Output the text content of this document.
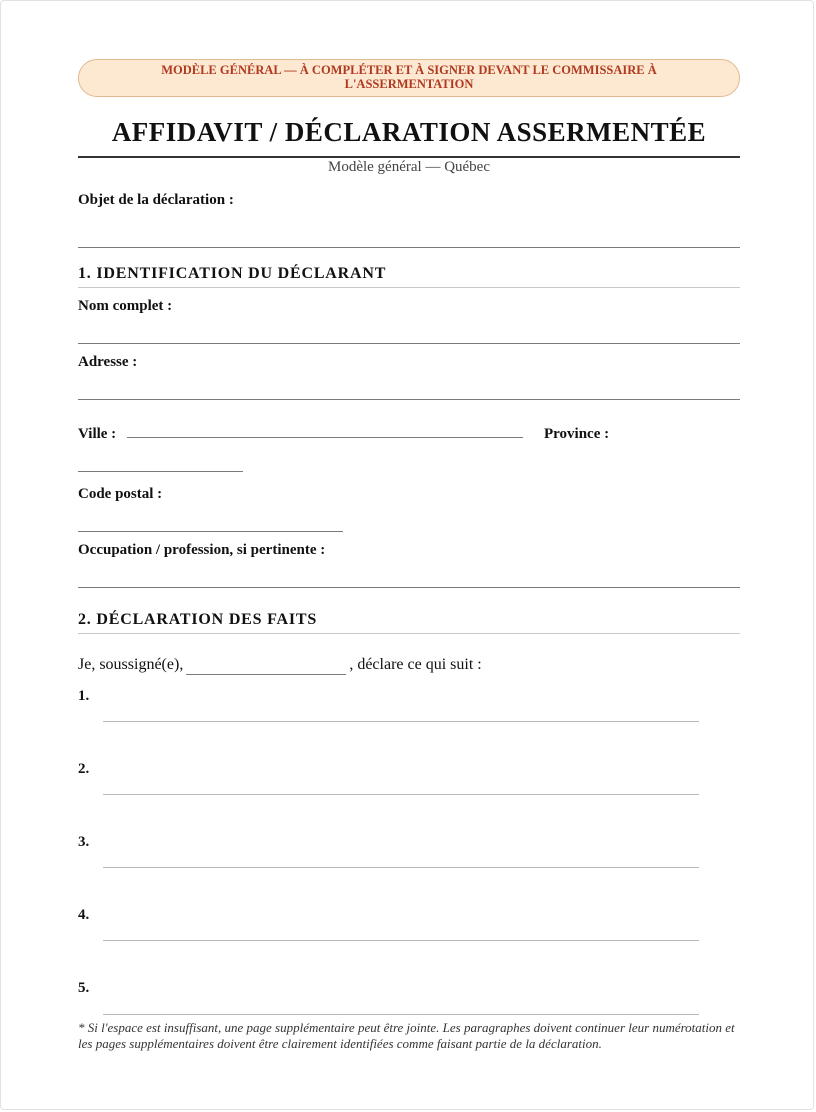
MODÈLE GÉNÉRAL — À COMPLÉTER ET À SIGNER DEVANT LE COMMISSAIRE À L'ASSERMENTATION
AFFIDAVIT / DÉCLARATION ASSERMENTÉE
Modèle général — Québec
Objet de la déclaration :
1. IDENTIFICATION DU DÉCLARANT
Nom complet :
Adresse :
Ville :	Province :
Code postal :
Occupation / profession, si pertinente :
2. DÉCLARATION DES FAITS
Je, soussigné(e),	, déclare ce qui suit :
1.
2.
3.
4.
5.
* Si l'espace est insuffisant, une page supplémentaire peut être jointe. Les paragraphes doivent continuer leur numérotation et les pages supplémentaires doivent être clairement identifiées comme faisant partie de la déclaration.
